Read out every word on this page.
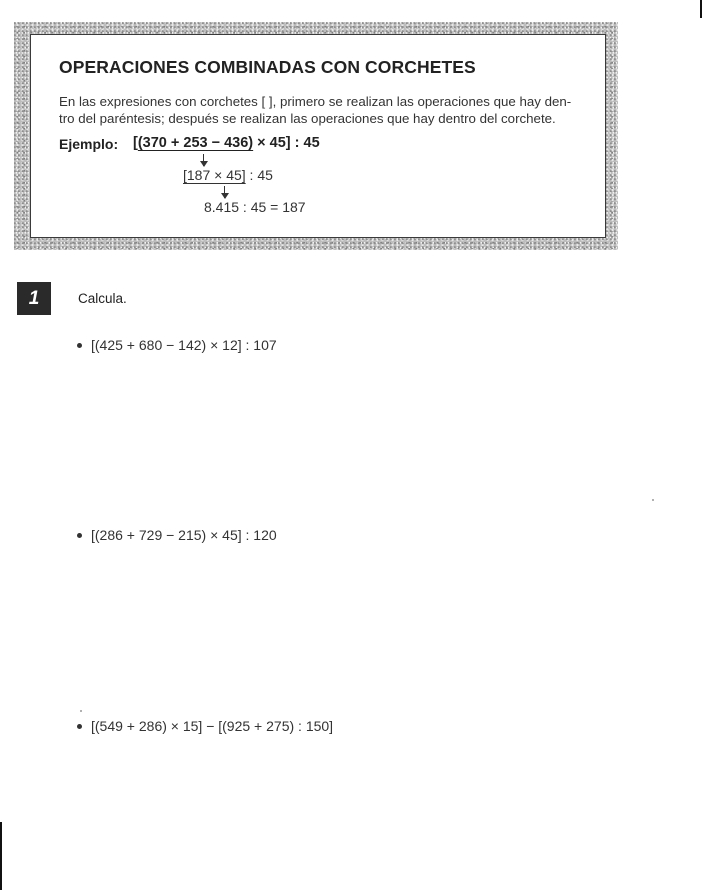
OPERACIONES COMBINADAS CON CORCHETES

En las expresiones con corchetes [ ], primero se realizan las operaciones que hay den-
tro del paréntesis; después se realizan las operaciones que hay dentro del corchete.

Ejemplo: [(370 + 253 − 436) × 45] : 45
[187 × 45] : 45
8.415 : 45 = 187
1	Calcula.
[(425 + 680 − 142) × 12] : 107
[(286 + 729 − 215) × 45] : 120
[(549 + 286) × 15] − [(925 + 275) : 150]
